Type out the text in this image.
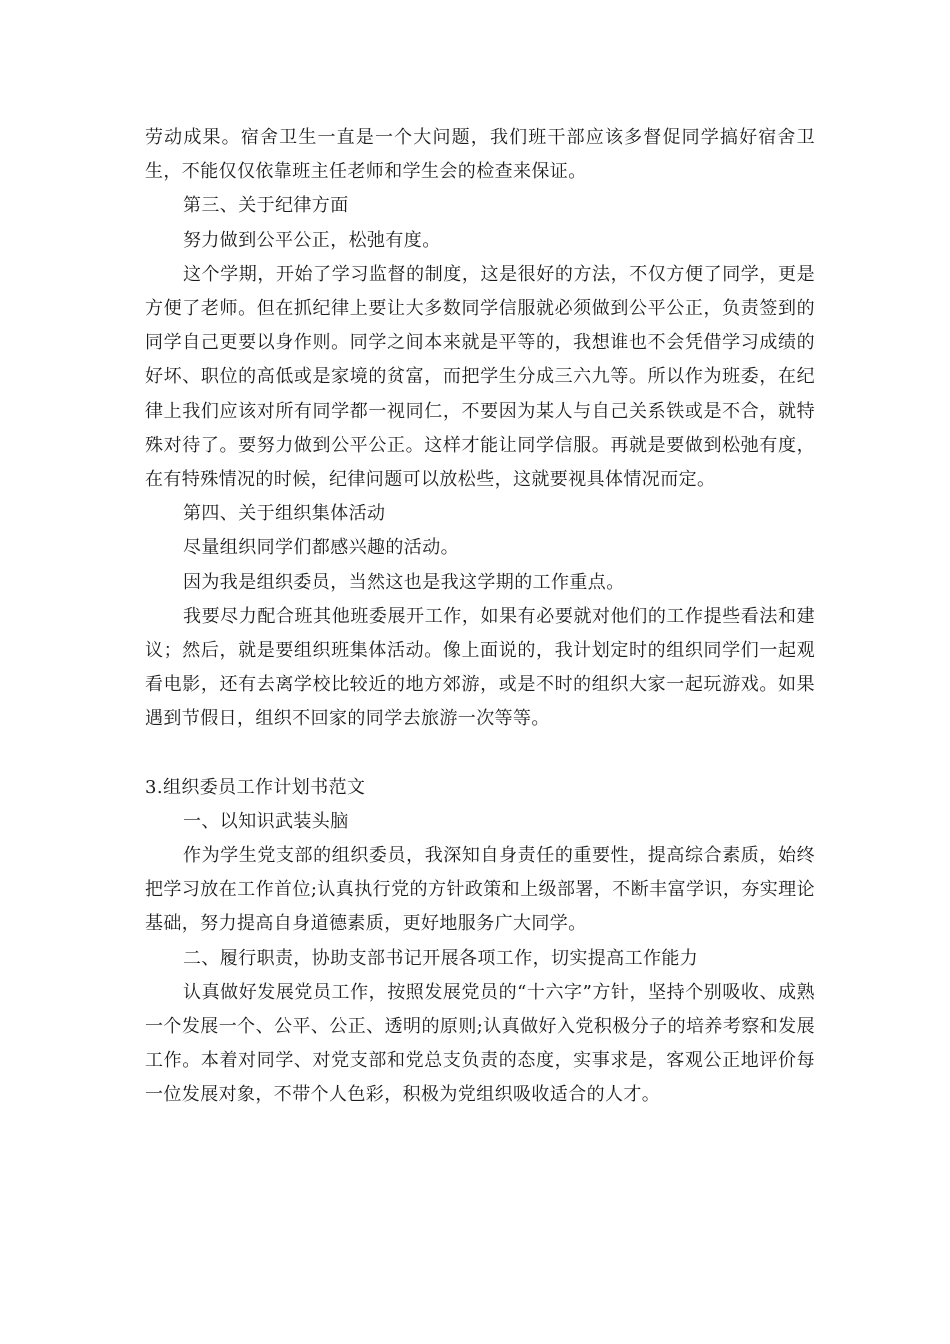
劳动成果。宿舍卫生一直是一个大问题，我们班干部应该多督促同学搞好宿舍卫生，不能仅仅依靠班主任老师和学生会的检查来保证。

第三、关于纪律方面

努力做到公平公正，松弛有度。

这个学期，开始了学习监督的制度，这是很好的方法，不仅方便了同学，更是方便了老师。但在抓纪律上要让大多数同学信服就必须做到公平公正，负责签到的同学自己更要以身作则。同学之间本来就是平等的，我想谁也不会凭借学习成绩的好坏、职位的高低或是家境的贫富，而把学生分成三六九等。所以作为班委，在纪律上我们应该对所有同学都一视同仁，不要因为某人与自己关系铁或是不合，就特殊对待了。要努力做到公平公正。这样才能让同学信服。再就是要做到松弛有度，在有特殊情况的时候，纪律问题可以放松些，这就要视具体情况而定。

第四、关于组织集体活动

尽量组织同学们都感兴趣的活动。

因为我是组织委员，当然这也是我这学期的工作重点。

我要尽力配合班其他班委展开工作，如果有必要就对他们的工作提些看法和建议；然后，就是要组织班集体活动。像上面说的，我计划定时的组织同学们一起观看电影，还有去离学校比较近的地方郊游，或是不时的组织大家一起玩游戏。如果遇到节假日，组织不回家的同学去旅游一次等等。

3.组织委员工作计划书范文

一、以知识武装头脑

作为学生党支部的组织委员，我深知自身责任的重要性，提高综合素质，始终把学习放在工作首位;认真执行党的方针政策和上级部署，不断丰富学识，夯实理论基础，努力提高自身道德素质，更好地服务广大同学。

二、履行职责，协助支部书记开展各项工作，切实提高工作能力

认真做好发展党员工作，按照发展党员的“十六字”方针，坚持个别吸收、成熟一个发展一个、公平、公正、透明的原则;认真做好入党积极分子的培养考察和发展工作。本着对同学、对党支部和党总支负责的态度，实事求是，客观公正地评价每一位发展对象，不带个人色彩，积极为党组织吸收适合的人才。
